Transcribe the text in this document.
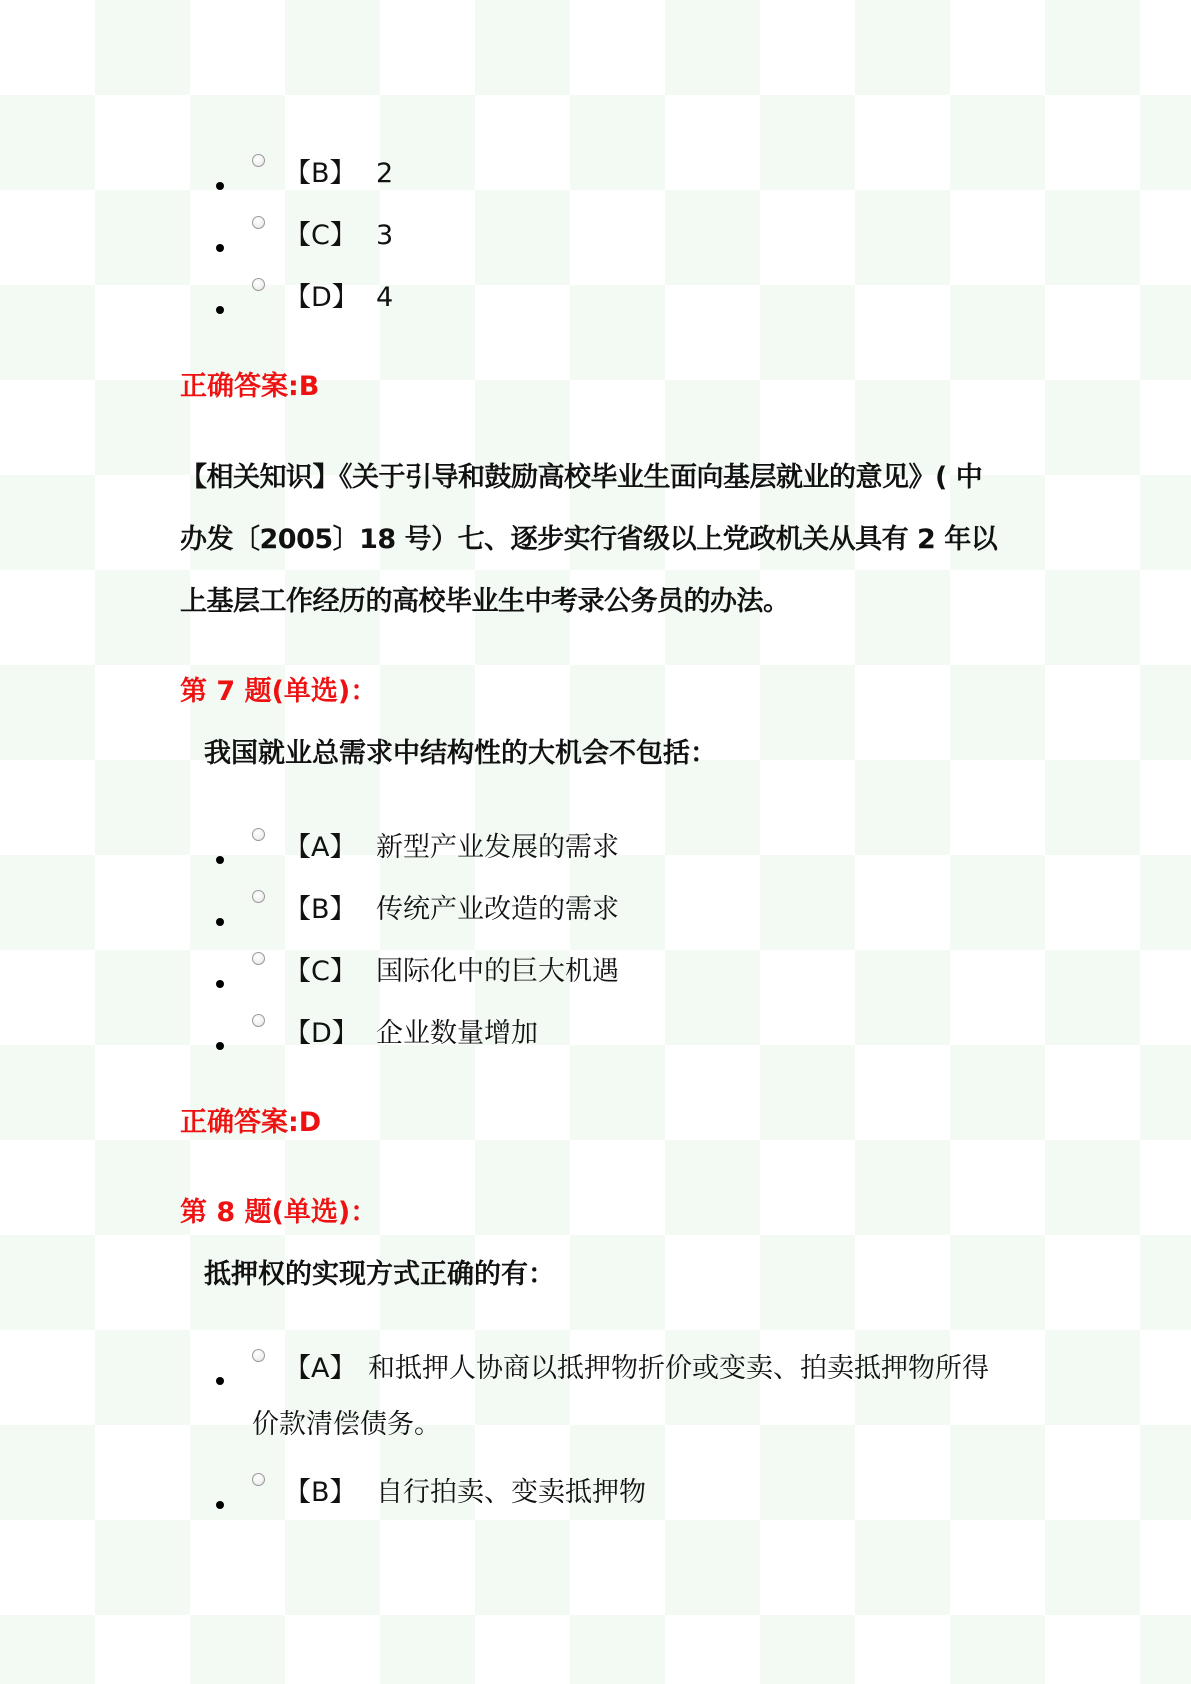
【B】 2
【C】 3
【D】 4
正确答案:B
【相关知识】《关于引导和鼓励高校毕业生面向基层就业的意见》( 中
办发〔2005〕18 号）七、逐步实行省级以上党政机关从具有 2 年以
上基层工作经历的高校毕业生中考录公务员的办法。
第 7 题(单选)：
我国就业总需求中结构性的大机会不包括：
【A】 新型产业发展的需求
【B】 传统产业改造的需求
【C】 国际化中的巨大机遇
【D】 企业数量增加
正确答案:D
第 8 题(单选)：
抵押权的实现方式正确的有：
【A】 和抵押人协商以抵押物折价或变卖、拍卖抵押物所得
价款清偿债务。
【B】 自行拍卖、变卖抵押物
